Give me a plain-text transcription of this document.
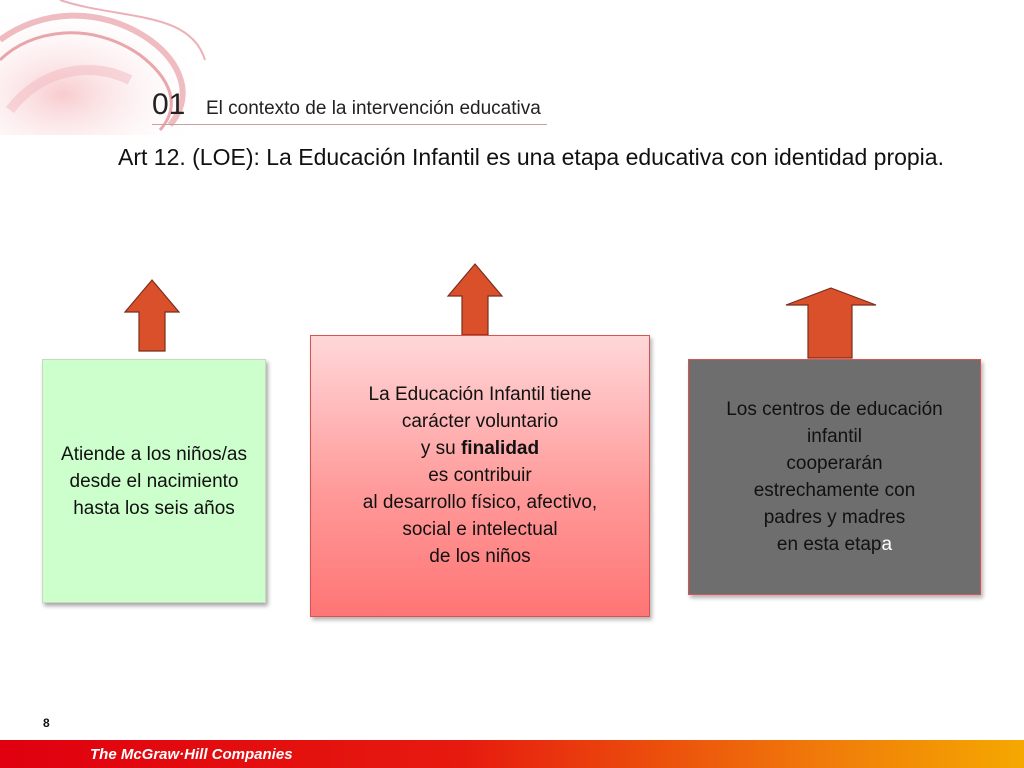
01 El contexto de la intervención educativa
Art 12. (LOE): La Educación Infantil es una etapa educativa con identidad propia.
Atiende a los niños/as
desde el nacimiento
hasta los seis años
La Educación Infantil tiene
carácter voluntario
y su finalidad
es contribuir
al desarrollo físico, afectivo,
social e intelectual
de los niños
Los centros de educación
infantil
cooperarán
estrechamente con
padres y madres
en esta etapa
8
The McGraw·Hill Companies
